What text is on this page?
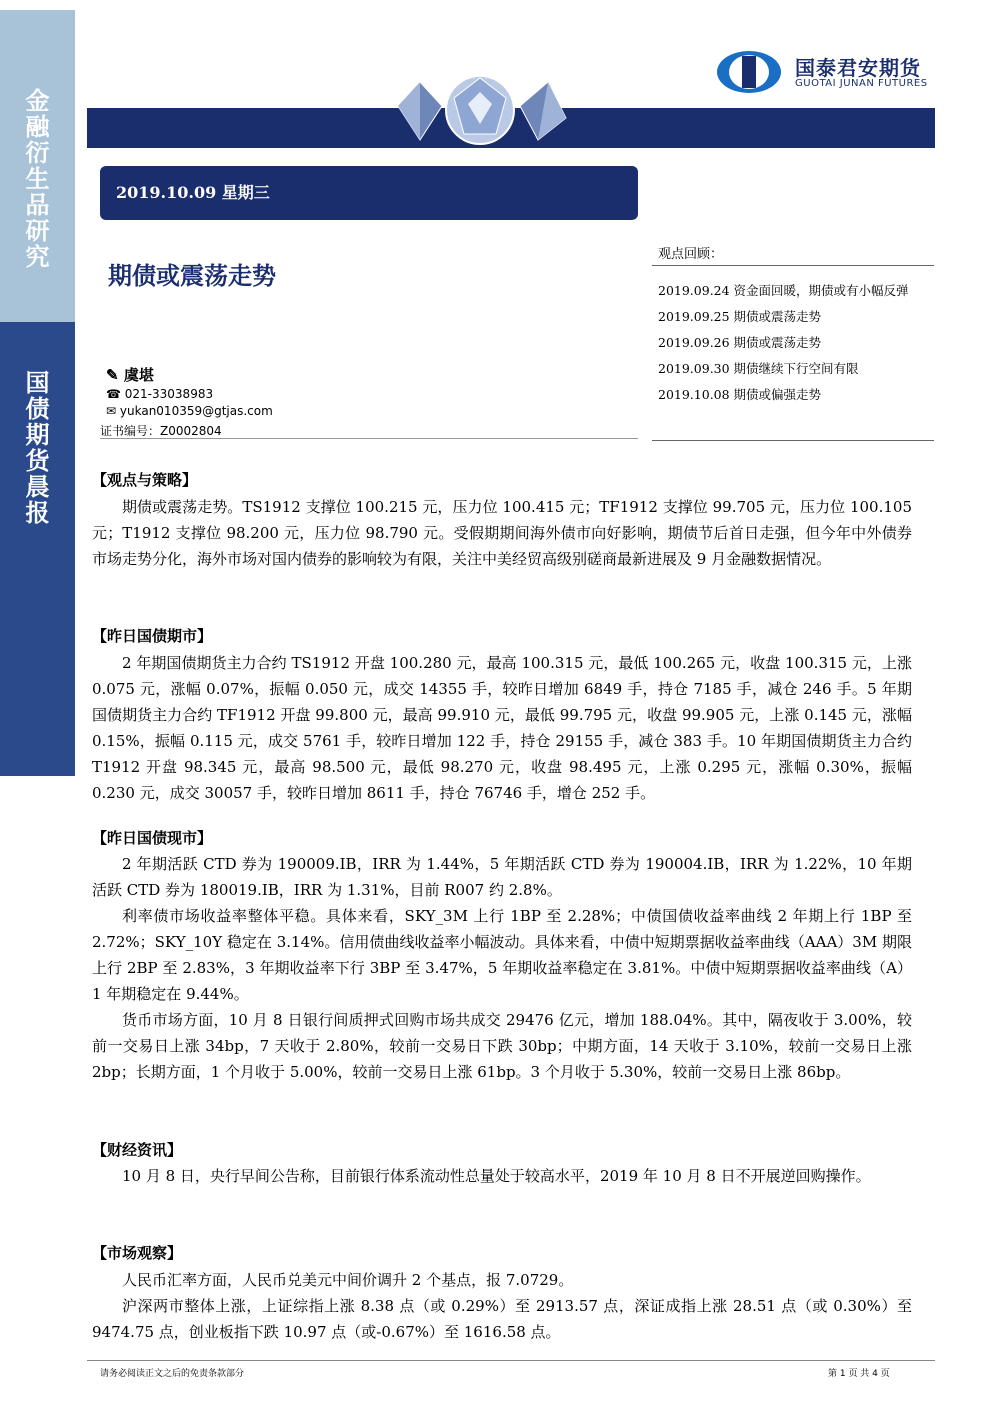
金
融
衍
生
品
研
究
国
债
期
货
晨
报
国泰君安期货
GUOTAI JUNAN FUTURES
2019.10.09 星期三
期债或震荡走势
观点回顾：
2019.09.24 资金面回暖，期债或有小幅反弹
2019.09.25 期债或震荡走势
2019.09.26 期债或震荡走势
2019.09.30 期债继续下行空间有限
2019.10.08 期债或偏强走势
✎ 虞堪
☎ 021-33038983
✉ yukan010359@gtjas.com
证书编号：Z0002804
【观点与策略】
期债或震荡走势。TS1912 支撑位 100.215 元，压力位 100.415 元；TF1912 支撑位 99.705 元，压力位 100.105 元；T1912 支撑位 98.200 元，压力位 98.790 元。受假期期间海外债市向好影响，期债节后首日走强，但今年中外债券市场走势分化，海外市场对国内债券的影响较为有限，关注中美经贸高级别磋商最新进展及 9 月金融数据情况。
【昨日国债期市】
2 年期国债期货主力合约 TS1912 开盘 100.280 元，最高 100.315 元，最低 100.265 元，收盘 100.315 元，上涨 0.075 元，涨幅 0.07%，振幅 0.050 元，成交 14355 手，较昨日增加 6849 手，持仓 7185 手，减仓 246 手。5 年期国债期货主力合约 TF1912 开盘 99.800 元，最高 99.910 元，最低 99.795 元，收盘 99.905 元，上涨 0.145 元，涨幅 0.15%，振幅 0.115 元，成交 5761 手，较昨日增加 122 手，持仓 29155 手，减仓 383 手。10 年期国债期货主力合约 T1912 开盘 98.345 元，最高 98.500 元，最低 98.270 元，收盘 98.495 元，上涨 0.295 元，涨幅 0.30%，振幅 0.230 元，成交 30057 手，较昨日增加 8611 手，持仓 76746 手，增仓 252 手。
【昨日国债现市】
2 年期活跃 CTD 券为 190009.IB，IRR 为 1.44%，5 年期活跃 CTD 券为 190004.IB，IRR 为 1.22%，10 年期活跃 CTD 券为 180019.IB，IRR 为 1.31%，目前 R007 约 2.8%。
利率债市场收益率整体平稳。具体来看，SKY_3M 上行 1BP 至 2.28%；中债国债收益率曲线 2 年期上行 1BP 至 2.72%；SKY_10Y 稳定在 3.14%。信用债曲线收益率小幅波动。具体来看，中债中短期票据收益率曲线（AAA）3M 期限上行 2BP 至 2.83%，3 年期收益率下行 3BP 至 3.47%，5 年期收益率稳定在 3.81%。中债中短期票据收益率曲线（A）1 年期稳定在 9.44%。
货币市场方面，10 月 8 日银行间质押式回购市场共成交 29476 亿元，增加 188.04%。其中，隔夜收于 3.00%，较前一交易日上涨 34bp，7 天收于 2.80%，较前一交易日下跌 30bp；中期方面，14 天收于 3.10%，较前一交易日上涨 2bp；长期方面，1 个月收于 5.00%，较前一交易日上涨 61bp。3 个月收于 5.30%，较前一交易日上涨 86bp。
【财经资讯】
10 月 8 日，央行早间公告称，目前银行体系流动性总量处于较高水平，2019 年 10 月 8 日不开展逆回购操作。
【市场观察】
人民币汇率方面，人民币兑美元中间价调升 2 个基点，报 7.0729。
沪深两市整体上涨，上证综指上涨 8.38 点（或 0.29%）至 2913.57 点，深证成指上涨 28.51 点（或 0.30%）至 9474.75 点，创业板指下跌 10.97 点（或-0.67%）至 1616.58 点。
请务必阅读正文之后的免责条款部分	第 1 页 共 4 页
